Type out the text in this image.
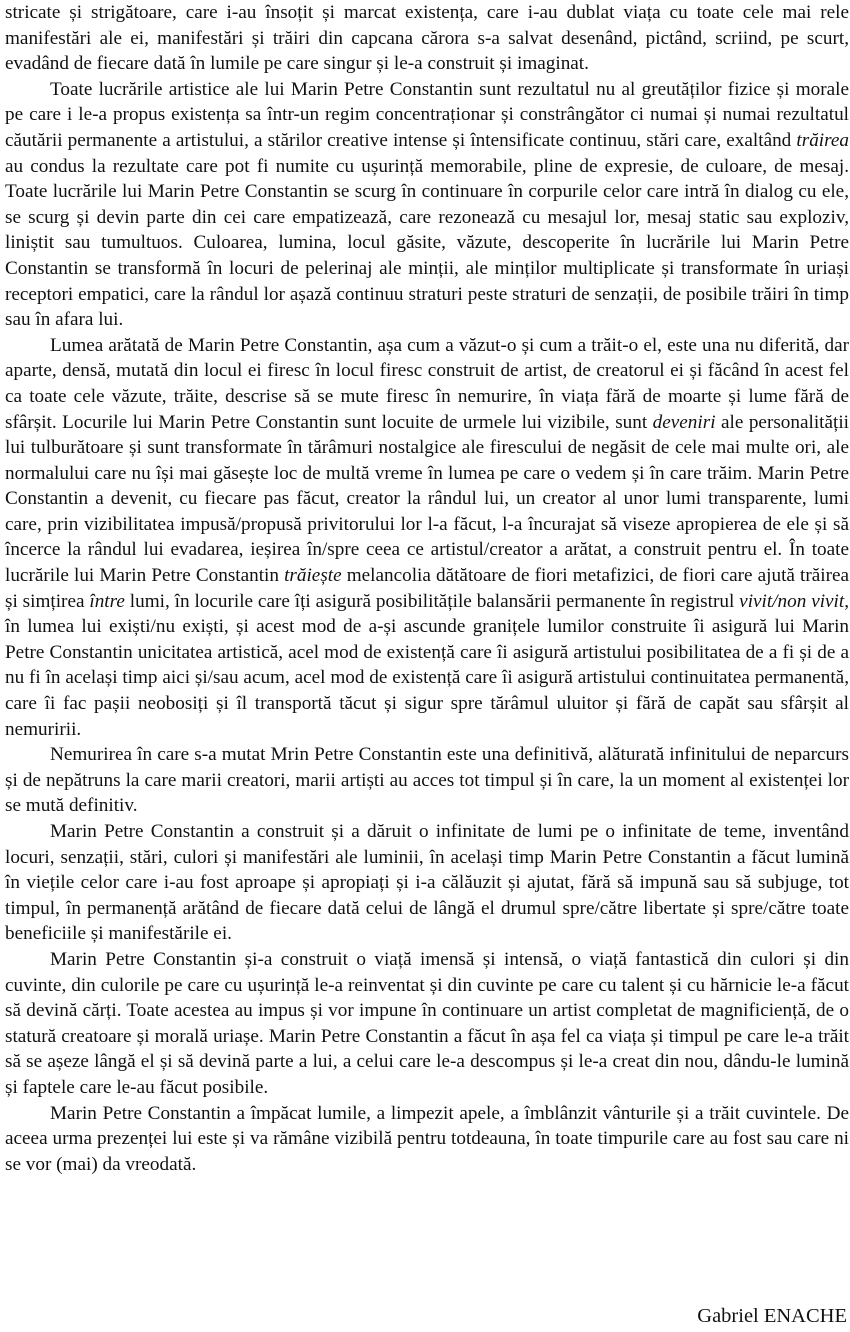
stricate și strigătoare, care i-au însoțit și marcat existența, care i-au dublat viața cu toate cele mai rele manifestări ale ei, manifestări și trăiri din capcana cărora s-a salvat desenând, pictând, scriind, pe scurt, evadând de fiecare dată în lumile pe care singur și le-a construit și imaginat.

Toate lucrările artistice ale lui Marin Petre Constantin sunt rezultatul nu al greutăților fizice și morale pe care i le-a propus existența sa într-un regim concentraționar și constrângător ci numai și numai rezultatul căutării permanente a artistului, a stărilor creative intense și întensificate continuu, stări care, exaltând trăirea au condus la rezultate care pot fi numite cu ușurință memorabile, pline de expresie, de culoare, de mesaj. Toate lucrările lui Marin Petre Constantin se scurg în continuare în corpurile celor care intră în dialog cu ele, se scurg și devin parte din cei care empatizează, care rezonează cu mesajul lor, mesaj static sau exploziv, liniștit sau tumultuos. Culoarea, lumina, locul găsite, văzute, descoperite în lucrările lui Marin Petre Constantin se transformă în locuri de pelerinaj ale minții, ale minților multiplicate și transformate în uriași receptori empatici, care la rândul lor așază continuu straturi peste straturi de senzații, de posibile trăiri în timp sau în afara lui.

Lumea arătată de Marin Petre Constantin, așa cum a văzut-o și cum a trăit-o el, este una nu diferită, dar aparte, densă, mutată din locul ei firesc în locul firesc construit de artist, de creatorul ei și făcând în acest fel ca toate cele văzute, trăite, descrise să se mute firesc în nemurire, în viața fără de moarte și lume fără de sfârșit. Locurile lui Marin Petre Constantin sunt locuite de urmele lui vizibile, sunt deveniri ale personalității lui tulburătoare și sunt transformate în tărâmuri nostalgice ale firescului de negăsit de cele mai multe ori, ale normalului care nu își mai găsește loc de multă vreme în lumea pe care o vedem și în care trăim. Marin Petre Constantin a devenit, cu fiecare pas făcut, creator la rândul lui, un creator al unor lumi transparente, lumi care, prin vizibilitatea impusă/propusă privitorului lor l-a făcut, l-a încurajat să viseze apropierea de ele și să încerce la rândul lui evadarea, ieșirea în/spre ceea ce artistul/creator a arătat, a construit pentru el. În toate lucrările lui Marin Petre Constantin trăiește melancolia dătătoare de fiori metafizici, de fiori care ajută trăirea și simțirea între lumi, în locurile care îți asigură posibilitățile balansării permanente în registrul vivit/non vivit, în lumea lui exiști/nu exiști, și acest mod de a-și ascunde granițele lumilor construite îi asigură lui Marin Petre Constantin unicitatea artistică, acel mod de existență care îi asigură artistului posibilitatea de a fi și de a nu fi în același timp aici și/sau acum, acel mod de existență care îi asigură artistului continuitatea permanentă, care îi fac pașii neobosiți și îl transportă tăcut și sigur spre tărâmul uluitor și fără de capăt sau sfârșit al nemuririi.

Nemurirea în care s-a mutat Mrin Petre Constantin este una definitivă, alăturată infinitului de neparcurs și de nepătruns la care marii creatori, marii artiști au acces tot timpul și în care, la un moment al existenței lor se mută definitiv.

Marin Petre Constantin a construit și a dăruit o infinitate de lumi pe o infinitate de teme, inventând locuri, senzații, stări, culori și manifestări ale luminii, în același timp Marin Petre Constantin a făcut lumină în viețile celor care i-au fost aproape și apropiați și i-a călăuzit și ajutat, fără să impună sau să subjuge, tot timpul, în permanență arătând de fiecare dată celui de lângă el drumul spre/către libertate și spre/către toate beneficiile și manifestările ei.

Marin Petre Constantin și-a construit o viață imensă și intensă, o viață fantastică din culori și din cuvinte, din culorile pe care cu ușurință le-a reinventat și din cuvinte pe care cu talent și cu hărnicie le-a făcut să devină cărți. Toate acestea au impus și vor impune în continuare un artist completat de magnificiență, de o statură creatoare și morală uriașe. Marin Petre Constantin a făcut în așa fel ca viața și timpul pe care le-a trăit să se așeze lângă el și să devină parte a lui, a celui care le-a descompus și le-a creat din nou, dându-le lumină și faptele care le-au făcut posibile.

Marin Petre Constantin a împăcat lumile, a limpezit apele, a îmblânzit vânturile și a trăit cuvintele. De aceea urma prezenței lui este și va rămâne vizibilă pentru totdeauna, în toate timpurile care au fost sau care ni se vor (mai) da vreodată.

Gabriel ENACHE
